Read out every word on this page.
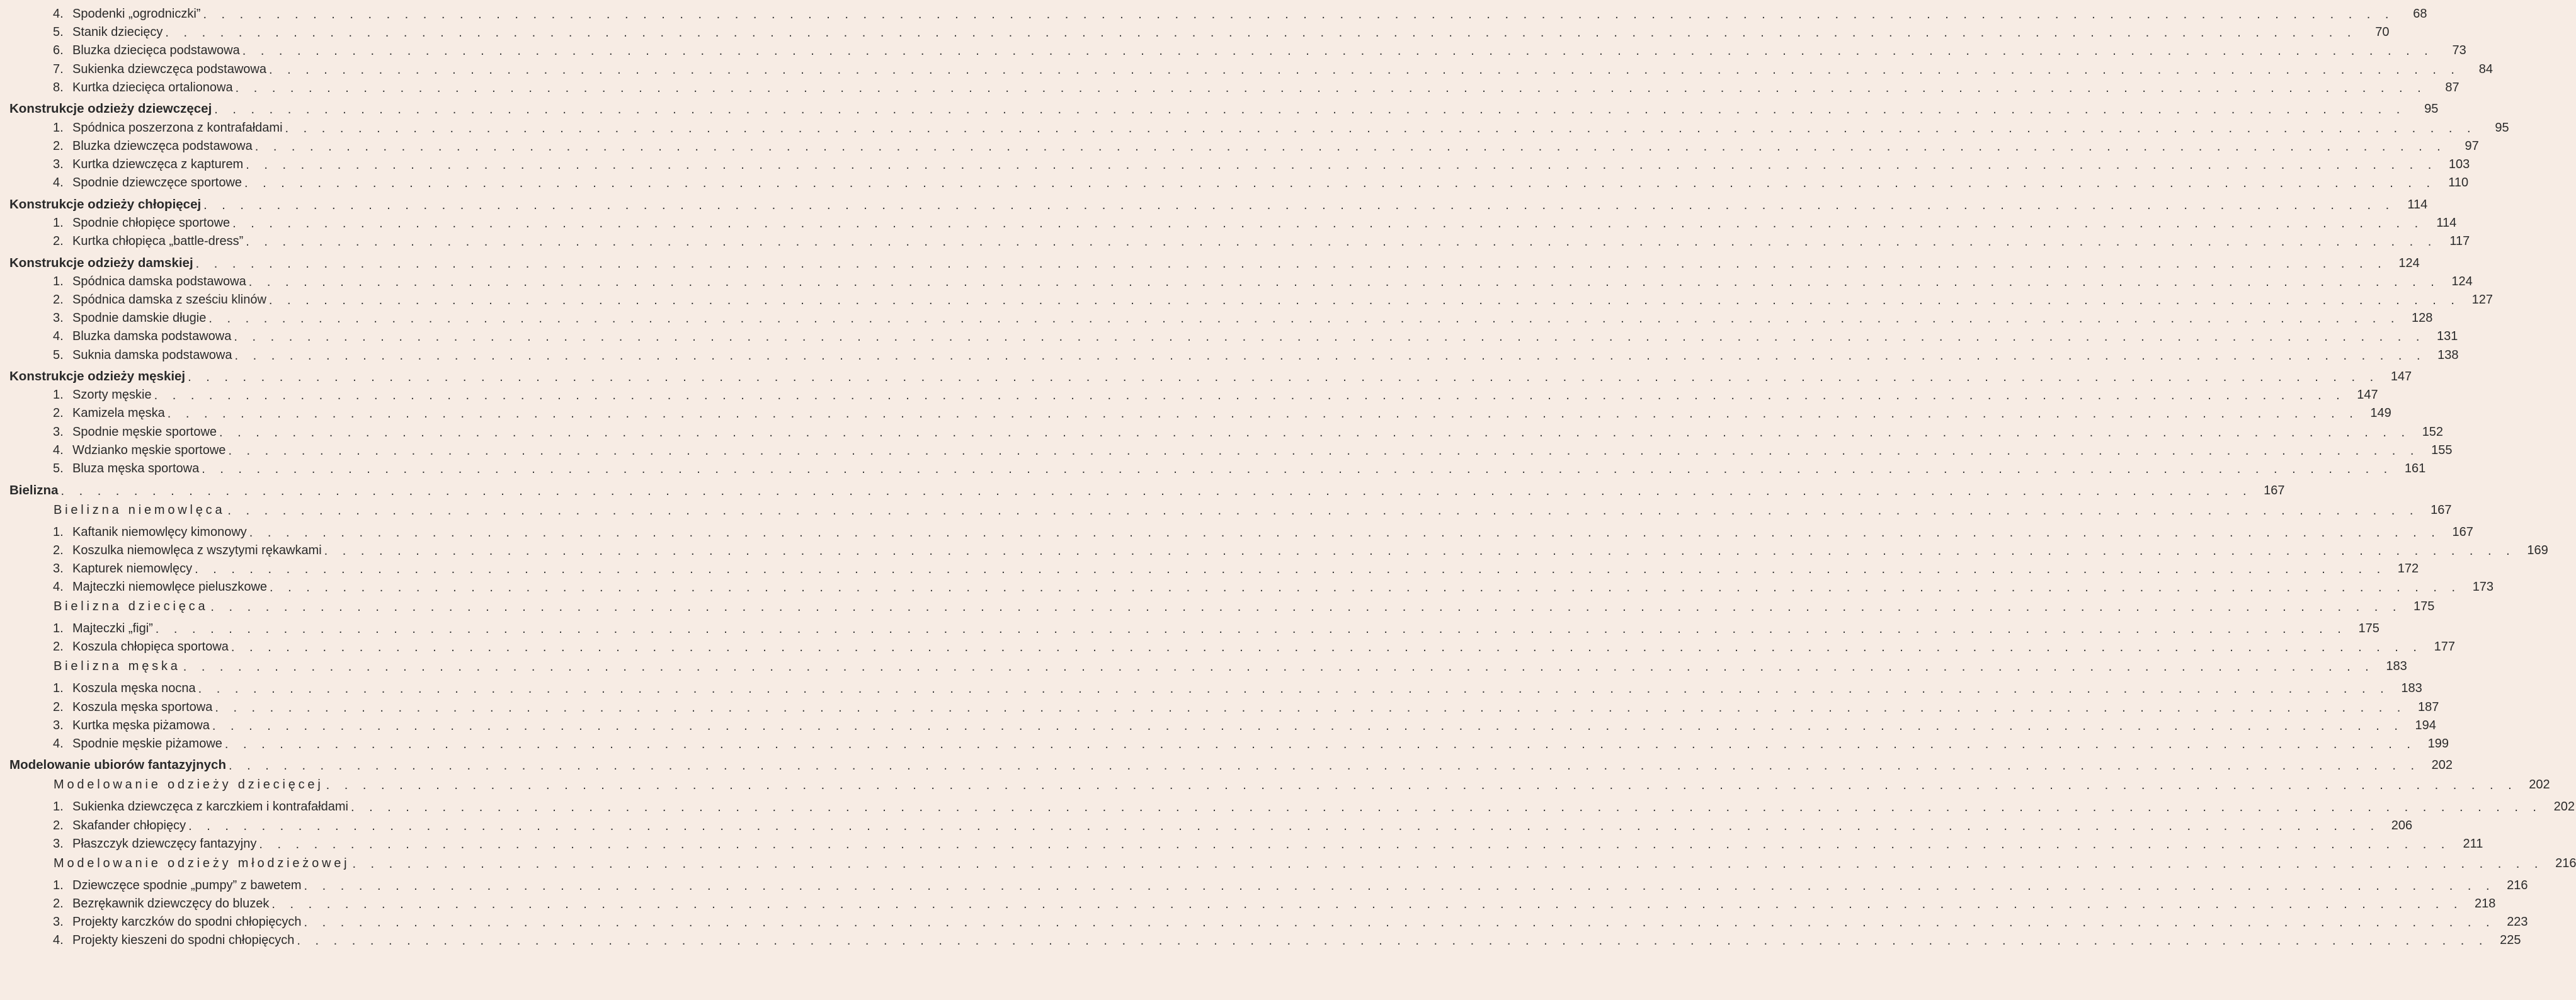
4. Spodenki „ogrodniczki” . . . . . . . . . . . . . . . . . . . . . . . . . . . . . . . . . . . . . . . . . . . . . . . . . . . . . . . . . . . . . . . . . . . . . . . . . . . . . . . . . . . . . . . . . . . . . . . . . . . . . . . . . . . . . . . . . . . . . . . .	68
5. Stanik dziecięcy . . . . . . . . . . . . . . . . . . . . . . . . . . . . . . . . . . . . . . . . . . . . . . . . . . . . . . . . . . . . . . . . . . . . . . . . . . . . . . . . . . . . . . . . . . . . . . . . . . . . . . . . . . . . . . . . . . . . . . . .	70
6. Bluzka dziecięca podstawowa . . . . . . . . . . . . . . . . . . . . . . . . . . . . . . . . . . . . . . . . . . . . . . . . . . . . . . . . . . . . . . . . . . . . . . . . . . . . . . . . . . . . . . . . . . . . . . . . . . . . . . . . . . . . . . . . . . . . . . . .	73
7. Sukienka dziewczęca podstawowa . . . . . . . . . . . . . . . . . . . . . . . . . . . . . . . . . . . . . . . . . . . . . . . . . . . . . . . . . . . . . . . . . . . . . . . . . . . . . . . . . . . . . . . . . . . . . . . . . . . . . . . . . . . . . . . . . . . . . . . .	84
8. Kurtka dziecięca ortalionowa . . . . . . . . . . . . . . . . . . . . . . . . . . . . . . . . . . . . . . . . . . . . . . . . . . . . . . . . . . . . . . . . . . . . . . . . . . . . . . . . . . . . . . . . . . . . . . . . . . . . . . . . . . . . . . . . . . . . . . . .	87
Konstrukcje odzieży dziewczęcej . . . . . . . . . . . . . . . . . . . . . . . . . . . . . . . . . . . . . . . . . . . . . . . . . . . . . . . . . . . . . . . . . . . . . . . . . . . . . . . . . . . . . . . . . . . . . . . . . . . . . . . . . . . . . . . . . . . . . . . .	95
1. Spódnica poszerzona z kontrafałdami . . . . . . . . . . . . . . . . . . . . . . . . . . . . . . . . . . . . . . . . . . . . . . . . . . . . . . . . . . . . . . . . . . . . . . . . . . . . . . . . . . . . . . . . . . . . . . . . . . . . . . . . . . . . . . . . . . . . . . . .	95
2. Bluzka dziewczęca podstawowa . . . . . . . . . . . . . . . . . . . . . . . . . . . . . . . . . . . . . . . . . . . . . . . . . . . . . . . . . . . . . . . . . . . . . . . . . . . . . . . . . . . . . . . . . . . . . . . . . . . . . . . . . . . . . . . . . . . . . . . .	97
3. Kurtka dziewczęca z kapturem . . . . . . . . . . . . . . . . . . . . . . . . . . . . . . . . . . . . . . . . . . . . . . . . . . . . . . . . . . . . . . . . . . . . . . . . . . . . . . . . . . . . . . . . . . . . . . . . . . . . . . . . . . . . . . . . . . . . . . . . 103
4. Spodnie dziewczęce sportowe . . . . . . . . . . . . . . . . . . . . . . . . . . . . . . . . . . . . . . . . . . . . . . . . . . . . . . . . . . . . . . . . . . . . . . . . . . . . . . . . . . . . . . . . . . . . . . . . . . . . . . . . . . . . . . . . . . . . . . . .	110
Konstrukcje odzieży chłopięcej . . . . . . . . . . . . . . . . . . . . . . . . . . . . . . . . . . . . . . . . . . . . . . . . . . . . . . . . . . . . . . . . . . . . . . . . . . . . . . . . . . . . . . . . . . . . . . . . . . . . . . . . . . . . . . . . . . . . . . . .	114
1. Spodnie chłopięce sportowe . . . . . . . . . . . . . . . . . . . . . . . . . . . . . . . . . . . . . . . . . . . . . . . . . . . . . . . . . . . . . . . . . . . . . . . . . . . . . . . . . . . . . . . . . . . . . . . . . . . . . . . . . . . . . . . . . . . . . . . .	114
2. Kurtka chłopięca „battle-dress” . . . . . . . . . . . . . . . . . . . . . . . . . . . . . . . . . . . . . . . . . . . . . . . . . . . . . . . . . . . . . . . . . . . . . . . . . . . . . . . . . . . . . . . . . . . . . . . . . . . . . . . . . . . . . . . . . . . . . . . .	117
Konstrukcje odzieży damskiej . . . . . . . . . . . . . . . . . . . . . . . . . . . . . . . . . . . . . . . . . . . . . . . . . . . . . . . . . . . . . . . . . . . . . . . . . . . . . . . . . . . . . . . . . . . . . . . . . . . . . . . . . . . . . . . . . . . . . . . . 124
1. Spódnica damska podstawowa . . . . . . . . . . . . . . . . . . . . . . . . . . . . . . . . . . . . . . . . . . . . . . . . . . . . . . . . . . . . . . . . . . . . . . . . . . . . . . . . . . . . . . . . . . . . . . . . . . . . . . . . . . . . . . . . . . . . . . . . 124
2. Spódnica damska z sześciu klinów . . . . . . . . . . . . . . . . . . . . . . . . . . . . . . . . . . . . . . . . . . . . . . . . . . . . . . . . . . . . . . . . . . . . . . . . . . . . . . . . . . . . . . . . . . . . . . . . . . . . . . . . . . . . . . . . . . . . . . . . 127
3. Spodnie damskie długie . . . . . . . . . . . . . . . . . . . . . . . . . . . . . . . . . . . . . . . . . . . . . . . . . . . . . . . . . . . . . . . . . . . . . . . . . . . . . . . . . . . . . . . . . . . . . . . . . . . . . . . . . . . . . . . . . . . . . . . . 128
4. Bluzka damska podstawowa . . . . . . . . . . . . . . . . . . . . . . . . . . . . . . . . . . . . . . . . . . . . . . . . . . . . . . . . . . . . . . . . . . . . . . . . . . . . . . . . . . . . . . . . . . . . . . . . . . . . . . . . . . . . . . . . . . . . . . . . 131
5. Suknia damska podstawowa . . . . . . . . . . . . . . . . . . . . . . . . . . . . . . . . . . . . . . . . . . . . . . . . . . . . . . . . . . . . . . . . . . . . . . . . . . . . . . . . . . . . . . . . . . . . . . . . . . . . . . . . . . . . . . . . . . . . . . . . 138
Konstrukcje odzieży męskiej . . . . . . . . . . . . . . . . . . . . . . . . . . . . . . . . . . . . . . . . . . . . . . . . . . . . . . . . . . . . . . . . . . . . . . . . . . . . . . . . . . . . . . . . . . . . . . . . . . . . . . . . . . . . . . . . . . . . . . . . 147
1. Szorty męskie . . . . . . . . . . . . . . . . . . . . . . . . . . . . . . . . . . . . . . . . . . . . . . . . . . . . . . . . . . . . . . . . . . . . . . . . . . . . . . . . . . . . . . . . . . . . . . . . . . . . . . . . . . . . . . . . . . . . . . . . 147
2. Kamizela męska . . . . . . . . . . . . . . . . . . . . . . . . . . . . . . . . . . . . . . . . . . . . . . . . . . . . . . . . . . . . . . . . . . . . . . . . . . . . . . . . . . . . . . . . . . . . . . . . . . . . . . . . . . . . . . . . . . . . . . . . 149
3. Spodnie męskie sportowe . . . . . . . . . . . . . . . . . . . . . . . . . . . . . . . . . . . . . . . . . . . . . . . . . . . . . . . . . . . . . . . . . . . . . . . . . . . . . . . . . . . . . . . . . . . . . . . . . . . . . . . . . . . . . . . . . . . . . . . . 152
4. Wdzianko męskie sportowe . . . . . . . . . . . . . . . . . . . . . . . . . . . . . . . . . . . . . . . . . . . . . . . . . . . . . . . . . . . . . . . . . . . . . . . . . . . . . . . . . . . . . . . . . . . . . . . . . . . . . . . . . . . . . . . . . . . . . . . . 155
5. Bluza męska sportowa . . . . . . . . . . . . . . . . . . . . . . . . . . . . . . . . . . . . . . . . . . . . . . . . . . . . . . . . . . . . . . . . . . . . . . . . . . . . . . . . . . . . . . . . . . . . . . . . . . . . . . . . . . . . . . . . . . . . . . . . 161
Bielizna . . . . . . . . . . . . . . . . . . . . . . . . . . . . . . . . . . . . . . . . . . . . . . . . . . . . . . . . . . . . . . . . . . . . . . . . . . . . . . . . . . . . . . . . . . . . . . . . . . . . . . . . . . . . . . . . . . . . . . . . 167
Bielizna niemowlęca . . . . . . . . . . . . . . . . . . . . . . . . . . . . . . . . . . . . . . . . . . . . . . . . . . . . . . . . . . . . . . . . . . . . . . . . . . . . . . . . . . . . . . . . . . . . . . . . . . . . . . . . . . . . . . . . . . . . . . . . 167
1. Kaftanik niemowlęcy kimonowy . . . . . . . . . . . . . . . . . . . . . . . . . . . . . . . . . . . . . . . . . . . . . . . . . . . . . . . . . . . . . . . . . . . . . . . . . . . . . . . . . . . . . . . . . . . . . . . . . . . . . . . . . . . . . . . . . . . . . . . . 167
2. Koszulka niemowlęca z wszytymi rękawkami . . . . . . . . . . . . . . . . . . . . . . . . . . . . . . . . . . . . . . . . . . . . . . . . . . . . . . . . . . . . . . . . . . . . . . . . . . . . . . . . . . . . . . . . . . . . . . . . . . . . . . . . . . . . . . . . . . . . . . . . 169
3. Kapturek niemowlęcy . . . . . . . . . . . . . . . . . . . . . . . . . . . . . . . . . . . . . . . . . . . . . . . . . . . . . . . . . . . . . . . . . . . . . . . . . . . . . . . . . . . . . . . . . . . . . . . . . . . . . . . . . . . . . . . . . . . . . . . . 172
4. Majteczki niemowlęce pieluszkowe . . . . . . . . . . . . . . . . . . . . . . . . . . . . . . . . . . . . . . . . . . . . . . . . . . . . . . . . . . . . . . . . . . . . . . . . . . . . . . . . . . . . . . . . . . . . . . . . . . . . . . . . . . . . . . . . . . . . . . . . 173
Bielizna dziecięca . . . . . . . . . . . . . . . . . . . . . . . . . . . . . . . . . . . . . . . . . . . . . . . . . . . . . . . . . . . . . . . . . . . . . . . . . . . . . . . . . . . . . . . . . . . . . . . . . . . . . . . . . . . . . . . . . . . . . . . . 175
1. Majteczki „figi” . . . . . . . . . . . . . . . . . . . . . . . . . . . . . . . . . . . . . . . . . . . . . . . . . . . . . . . . . . . . . . . . . . . . . . . . . . . . . . . . . . . . . . . . . . . . . . . . . . . . . . . . . . . . . . . . . . . . . . . . 175
2. Koszula chłopięca sportowa . . . . . . . . . . . . . . . . . . . . . . . . . . . . . . . . . . . . . . . . . . . . . . . . . . . . . . . . . . . . . . . . . . . . . . . . . . . . . . . . . . . . . . . . . . . . . . . . . . . . . . . . . . . . . . . . . . . . . . . . 177
Bielizna męska . . . . . . . . . . . . . . . . . . . . . . . . . . . . . . . . . . . . . . . . . . . . . . . . . . . . . . . . . . . . . . . . . . . . . . . . . . . . . . . . . . . . . . . . . . . . . . . . . . . . . . . . . . . . . . . . . . . . . . . . 183
1. Koszula męska nocna . . . . . . . . . . . . . . . . . . . . . . . . . . . . . . . . . . . . . . . . . . . . . . . . . . . . . . . . . . . . . . . . . . . . . . . . . . . . . . . . . . . . . . . . . . . . . . . . . . . . . . . . . . . . . . . . . . . . . . . . 183
2. Koszula męska sportowa . . . . . . . . . . . . . . . . . . . . . . . . . . . . . . . . . . . . . . . . . . . . . . . . . . . . . . . . . . . . . . . . . . . . . . . . . . . . . . . . . . . . . . . . . . . . . . . . . . . . . . . . . . . . . . . . . . . . . . . . 187
3. Kurtka męska piżamowa . . . . . . . . . . . . . . . . . . . . . . . . . . . . . . . . . . . . . . . . . . . . . . . . . . . . . . . . . . . . . . . . . . . . . . . . . . . . . . . . . . . . . . . . . . . . . . . . . . . . . . . . . . . . . . . . . . . . . . . . 194
4. Spodnie męskie piżamowe . . . . . . . . . . . . . . . . . . . . . . . . . . . . . . . . . . . . . . . . . . . . . . . . . . . . . . . . . . . . . . . . . . . . . . . . . . . . . . . . . . . . . . . . . . . . . . . . . . . . . . . . . . . . . . . . . . . . . . . . 199
Modelowanie ubiorów fantazyjnych . . . . . . . . . . . . . . . . . . . . . . . . . . . . . . . . . . . . . . . . . . . . . . . . . . . . . . . . . . . . . . . . . . . . . . . . . . . . . . . . . . . . . . . . . . . . . . . . . . . . . . . . . . . . . . . . . . . . . . . . 202
Modelowanie odzieży dziecięcej . . . . . . . . . . . . . . . . . . . . . . . . . . . . . . . . . . . . . . . . . . . . . . . . . . . . . . . . . . . . . . . . . . . . . . . . . . . . . . . . . . . . . . . . . . . . . . . . . . . . . . . . . . . . . . . . . . . . . . . . 202
1. Sukienka dziewczęca z karczkiem i kontrafałdami . . . . . . . . . . . . . . . . . . . . . . . . . . . . . . . . . . . . . . . . . . . . . . . . . . . . . . . . . . . . . . . . . . . . . . . . . . . . . . . . . . . . . . . . . . . . . . . . . . . . . . . . . . . . . . . . . . . . . . . . 202
2. Skafander chłopięcy . . . . . . . . . . . . . . . . . . . . . . . . . . . . . . . . . . . . . . . . . . . . . . . . . . . . . . . . . . . . . . . . . . . . . . . . . . . . . . . . . . . . . . . . . . . . . . . . . . . . . . . . . . . . . . . . . . . . . . . . 206
3. Płaszczyk dziewczęcy fantazyjny . . . . . . . . . . . . . . . . . . . . . . . . . . . . . . . . . . . . . . . . . . . . . . . . . . . . . . . . . . . . . . . . . . . . . . . . . . . . . . . . . . . . . . . . . . . . . . . . . . . . . . . . . . . . . . . . . . . . . . . .	211
Modelowanie odzieży młodzieżowej . . . . . . . . . . . . . . . . . . . . . . . . . . . . . . . . . . . . . . . . . . . . . . . . . . . . . . . . . . . . . . . . . . . . . . . . . . . . . . . . . . . . . . . . . . . . . . . . . . . . . . . . . . . . . . . . . . . . . . . . 216
1. Dziewczęce spodnie „pumpy” z bawetem . . . . . . . . . . . . . . . . . . . . . . . . . . . . . . . . . . . . . . . . . . . . . . . . . . . . . . . . . . . . . . . . . . . . . . . . . . . . . . . . . . . . . . . . . . . . . . . . . . . . . . . . . . . . . . . . . . . . . . . . 216
2. Bezrękawnik dziewczęcy do bluzek . . . . . . . . . . . . . . . . . . . . . . . . . . . . . . . . . . . . . . . . . . . . . . . . . . . . . . . . . . . . . . . . . . . . . . . . . . . . . . . . . . . . . . . . . . . . . . . . . . . . . . . . . . . . . . . . . . . . . . . . 218
3. Projekty karczków do spodni chłopięcych . . . . . . . . . . . . . . . . . . . . . . . . . . . . . . . . . . . . . . . . . . . . . . . . . . . . . . . . . . . . . . . . . . . . . . . . . . . . . . . . . . . . . . . . . . . . . . . . . . . . . . . . . . . . . . . . . . . . . . . . 223
4. Projekty kieszeni do spodni chłopięcych . . . . . . . . . . . . . . . . . . . . . . . . . . . . . . . . . . . . . . . . . . . . . . . . . . . . . . . . . . . . . . . . . . . . . . . . . . . . . . . . . . . . . . . . . . . . . . . . . . . . . . . . . . . . . . . . . . . . . . . . 225
